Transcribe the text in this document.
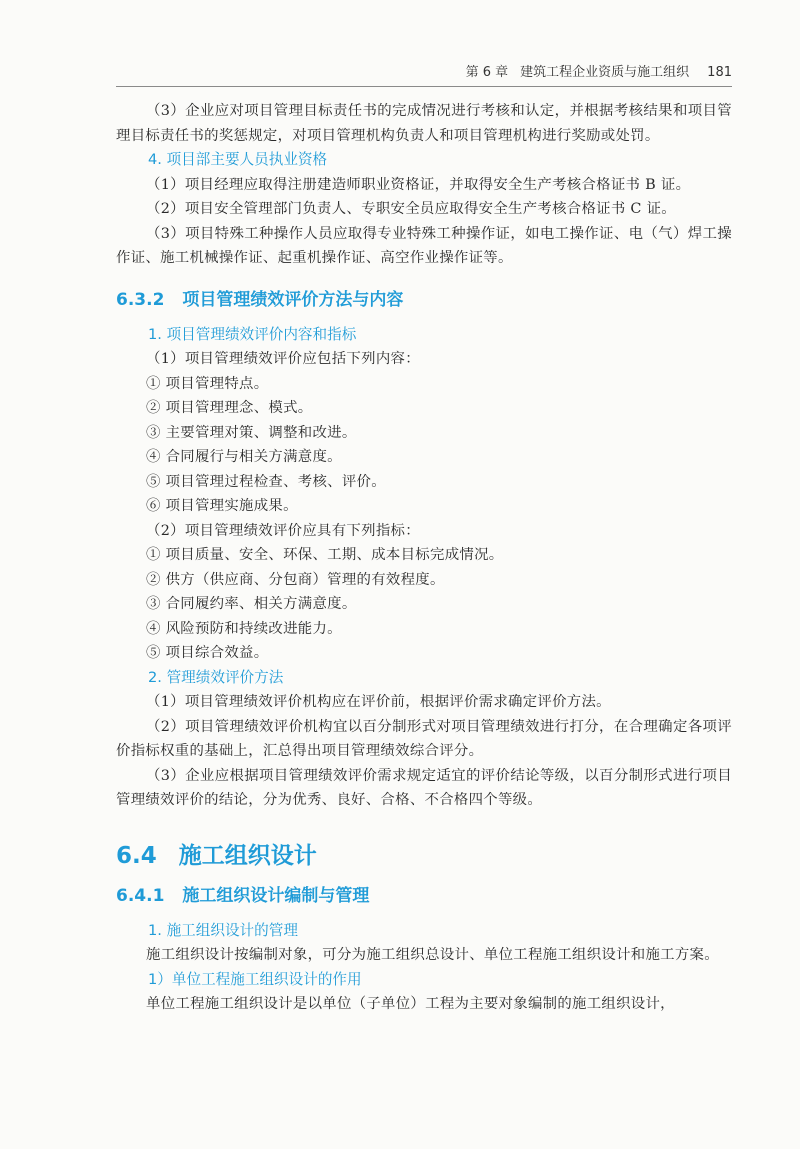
第 6 章 建筑工程企业资质与施工组织 181

（3）企业应对项目管理目标责任书的完成情况进行考核和认定，并根据考核结果和项目管理目标责任书的奖惩规定，对项目管理机构负责人和项目管理机构进行奖励或处罚。

4. 项目部主要人员执业资格

（1）项目经理应取得注册建造师职业资格证，并取得安全生产考核合格证书 B 证。

（2）项目安全管理部门负责人、专职安全员应取得安全生产考核合格证书 C 证。

（3）项目特殊工种操作人员应取得专业特殊工种操作证，如电工操作证、电（气）焊工操作证、施工机械操作证、起重机操作证、高空作业操作证等。

6.3.2 项目管理绩效评价方法与内容

1. 项目管理绩效评价内容和指标

（1）项目管理绩效评价应包括下列内容：

① 项目管理特点。

② 项目管理理念、模式。

③ 主要管理对策、调整和改进。

④ 合同履行与相关方满意度。

⑤ 项目管理过程检查、考核、评价。

⑥ 项目管理实施成果。

（2）项目管理绩效评价应具有下列指标：

① 项目质量、安全、环保、工期、成本目标完成情况。

② 供方（供应商、分包商）管理的有效程度。

③ 合同履约率、相关方满意度。

④ 风险预防和持续改进能力。

⑤ 项目综合效益。

2. 管理绩效评价方法

（1）项目管理绩效评价机构应在评价前，根据评价需求确定评价方法。

（2）项目管理绩效评价机构宜以百分制形式对项目管理绩效进行打分，在合理确定各项评价指标权重的基础上，汇总得出项目管理绩效综合评分。

（3）企业应根据项目管理绩效评价需求规定适宜的评价结论等级，以百分制形式进行项目管理绩效评价的结论，分为优秀、良好、合格、不合格四个等级。

6.4 施工组织设计
6.4.1 施工组织设计编制与管理

1. 施工组织设计的管理

施工组织设计按编制对象，可分为施工组织总设计、单位工程施工组织设计和施工方案。

1）单位工程施工组织设计的作用

单位工程施工组织设计是以单位（子单位）工程为主要对象编制的施工组织设计，
